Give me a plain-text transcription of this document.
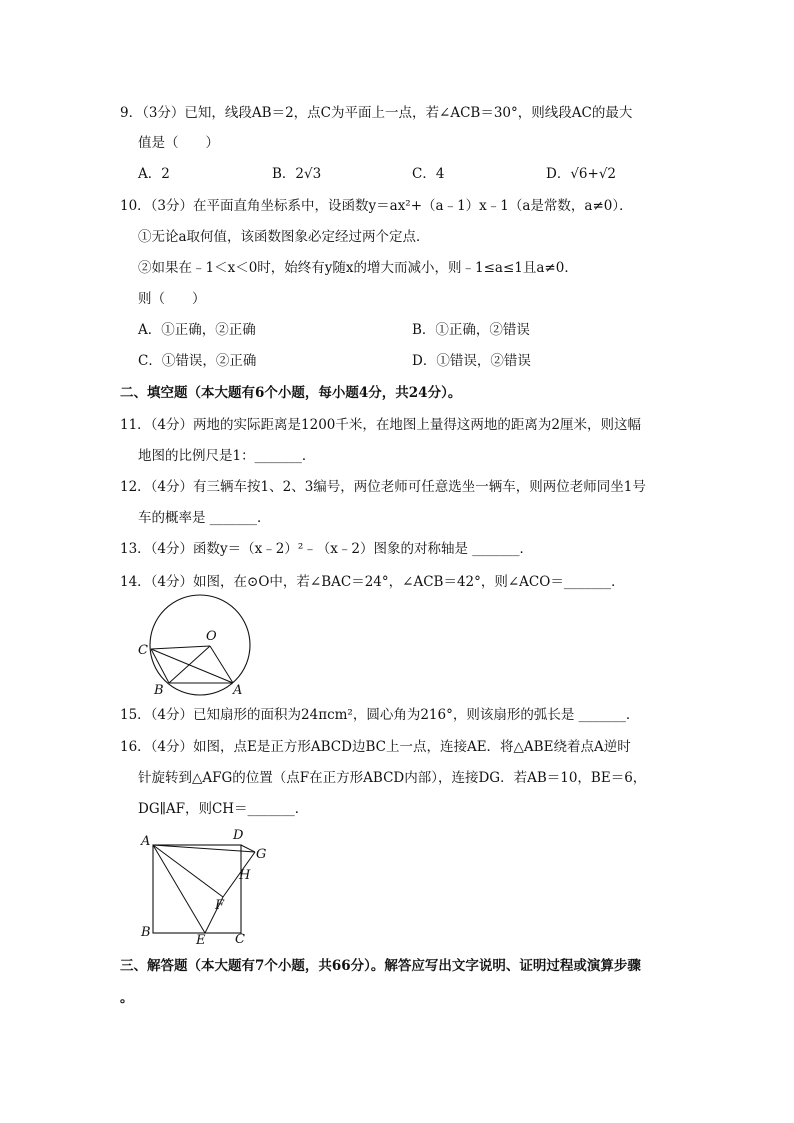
9．（3分）已知，线段AB＝2，点C为平面上一点，若∠ACB＝30°，则线段AC的最大
值是（　　）
A．2	B．2√3	C．4	D．√6+√2
10．（3分）在平面直角坐标系中，设函数y＝ax²+（a﹣1）x﹣1（a是常数，a≠0）．
①无论a取何值，该函数图象必定经过两个定点．
②如果在﹣1＜x＜0时，始终有y随x的增大而减小，则﹣1≤a≤1且a≠0．
则（　　）
A．①正确，②正确	B．①正确，②错误
C．①错误，②正确	D．①错误，②错误
二、填空题（本大题有6个小题，每小题4分，共24分）。
11．（4分）两地的实际距离是1200千米，在地图上量得这两地的距离为2厘米，则这幅
地图的比例尺是1：_______．
12．（4分）有三辆车按1、2、3编号，两位老师可任意选坐一辆车，则两位老师同坐1号
车的概率是 _______．
13．（4分）函数y＝（x﹣2）²﹣（x﹣2）图象的对称轴是 _______．
14．（4分）如图，在⊙O中，若∠BAC＝24°，∠ACB＝42°，则∠ACO＝_______．
C
O
B	A
15．（4分）已知扇形的面积为24πcm²，圆心角为216°，则该扇形的弧长是 _______．
16．（4分）如图，点E是正方形ABCD边BC上一点，连接AE．将△ABE绕着点A逆时
针旋转到△AFG的位置（点F在正方形ABCD内部），连接DG．若AB＝10，BE＝6，
DG∥AF，则CH＝_______．
A	D
G
H
F
B
E C
三、解答题（本大题有7个小题，共66分）。解答应写出文字说明、证明过程或演算步骤
。
